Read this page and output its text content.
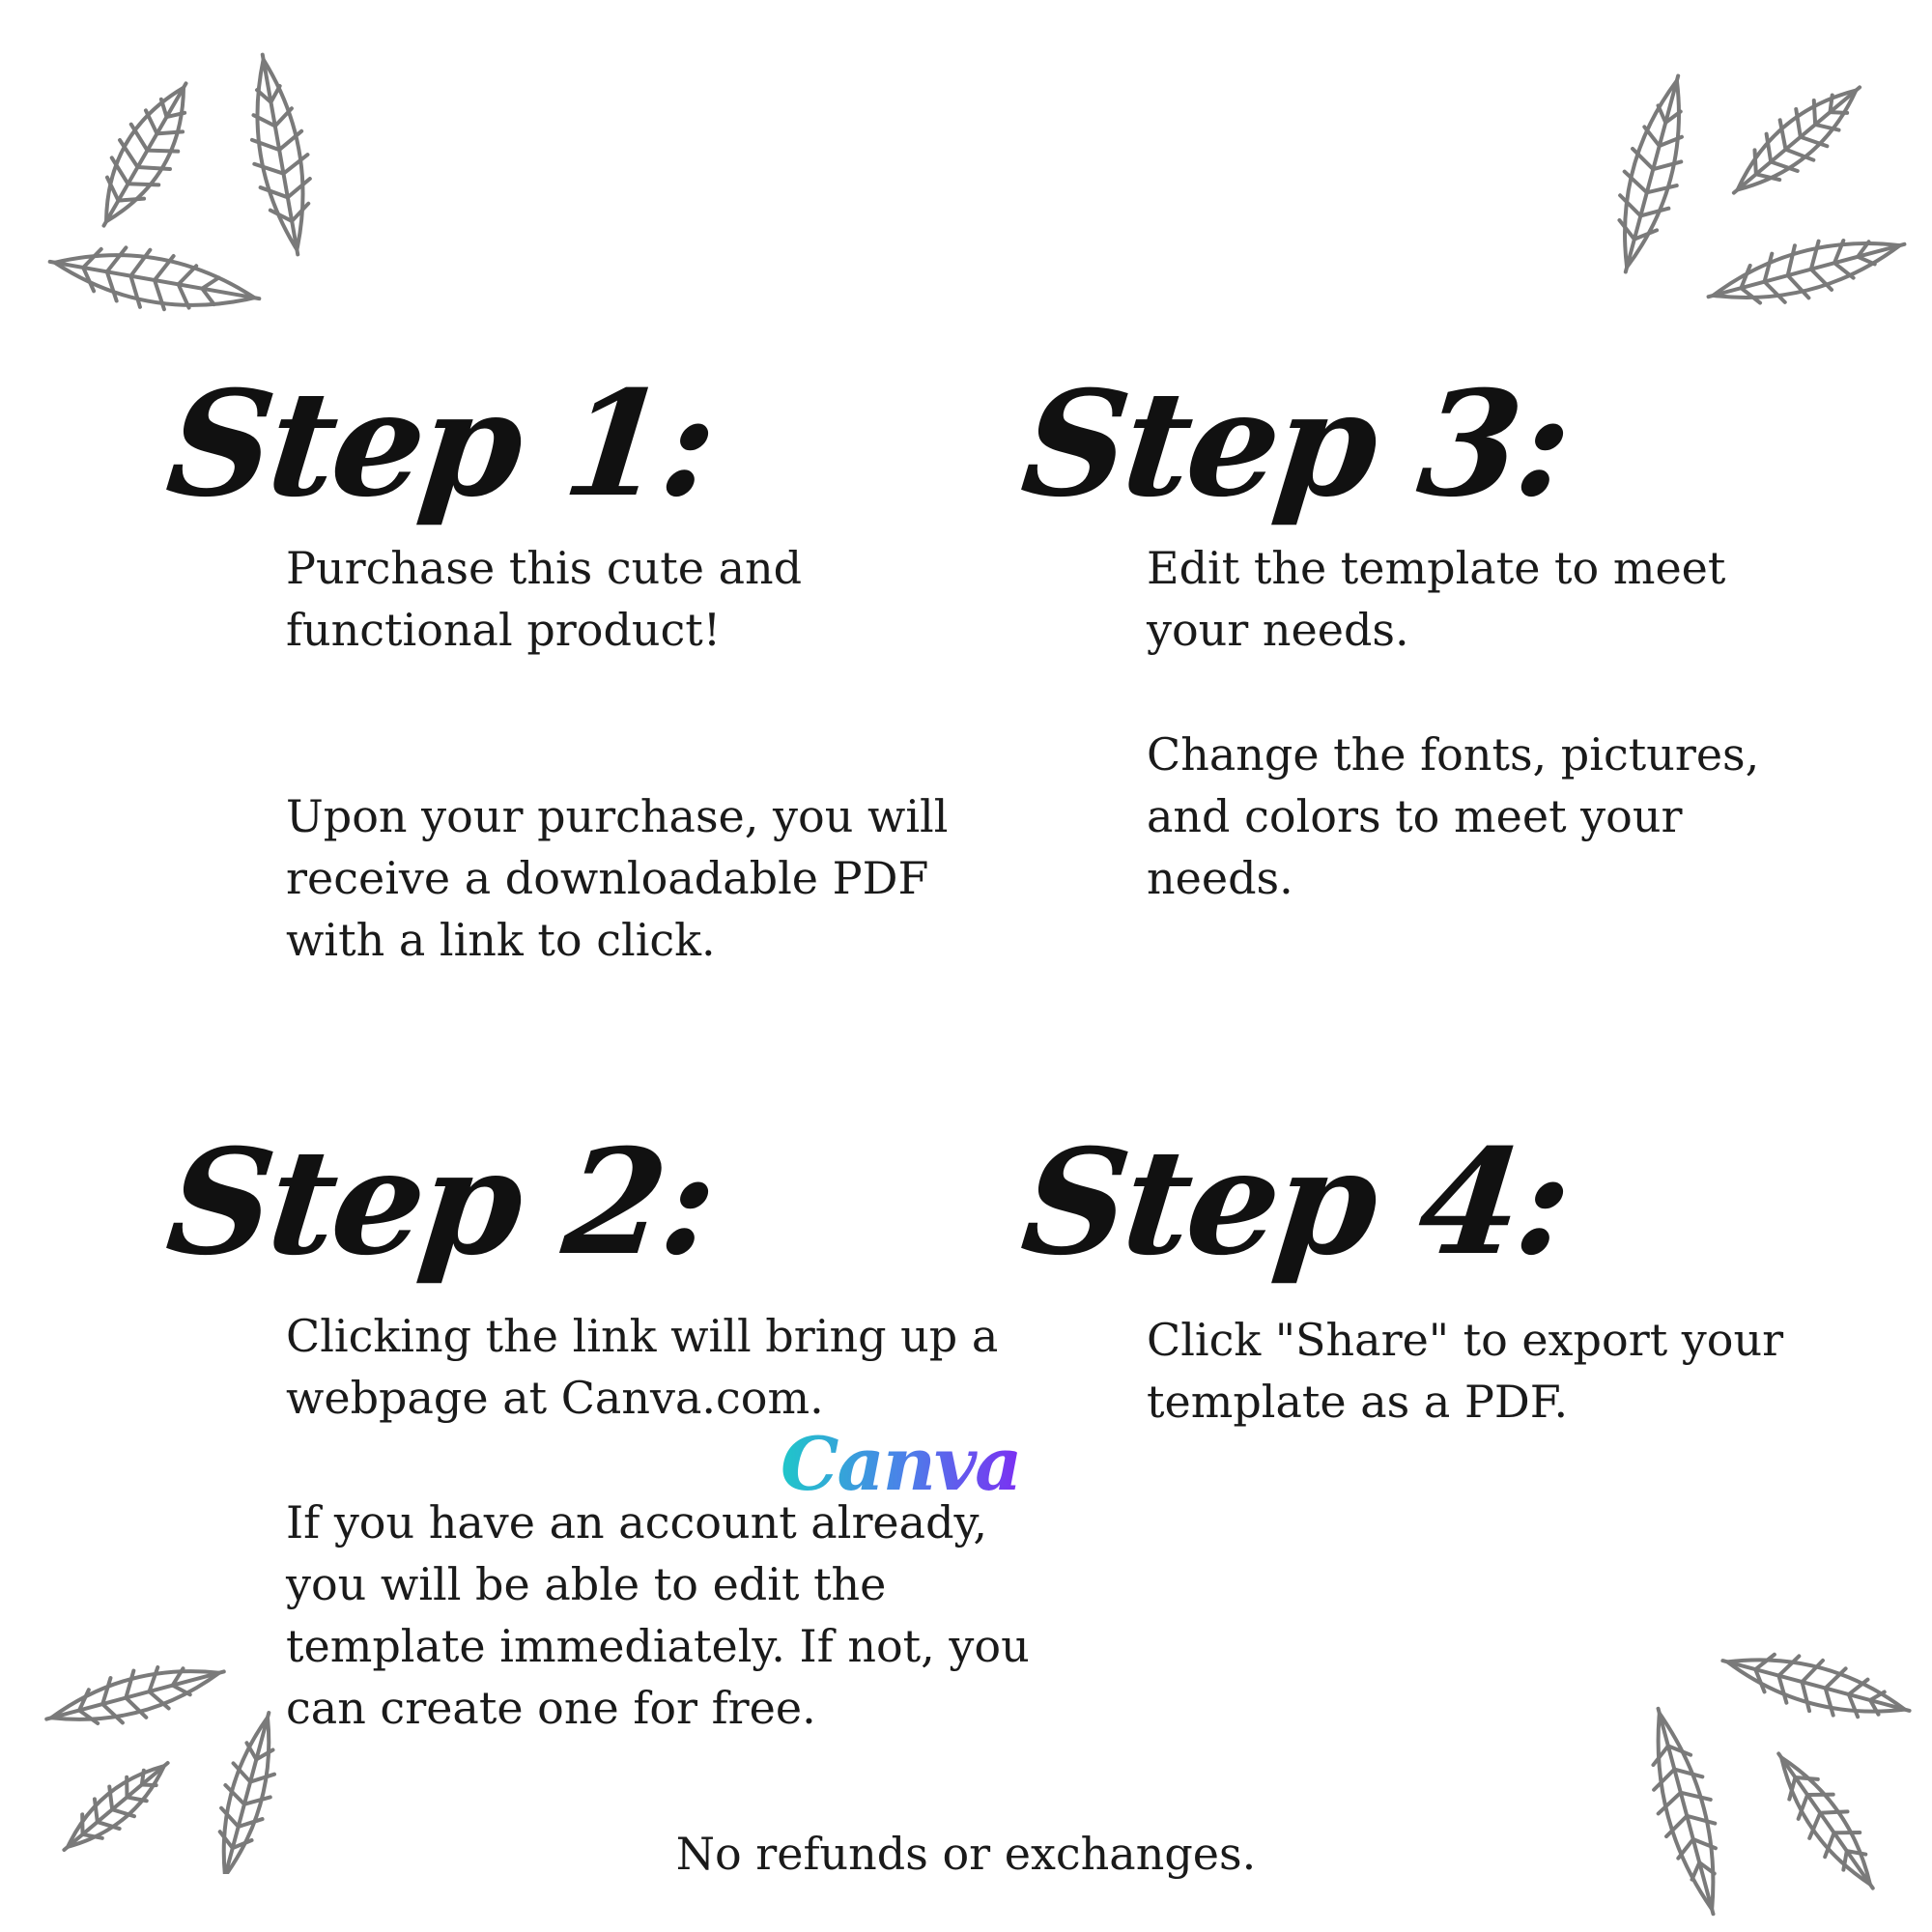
Step 1:

Purchase this cute and
functional product!

Upon your purchase, you will
receive a downloadable PDF
with a link to click.

Step 2:

Clicking the link will bring up a
webpage at Canva.com.

Canva

If you have an account already,
you will be able to edit the
template immediately. If not, you
can create one for free.

Step 3:

Edit the template to meet
your needs.

Change the fonts, pictures,
and colors to meet your
needs.

Step 4:

Click "Share" to export your
template as a PDF.

No refunds or exchanges.
